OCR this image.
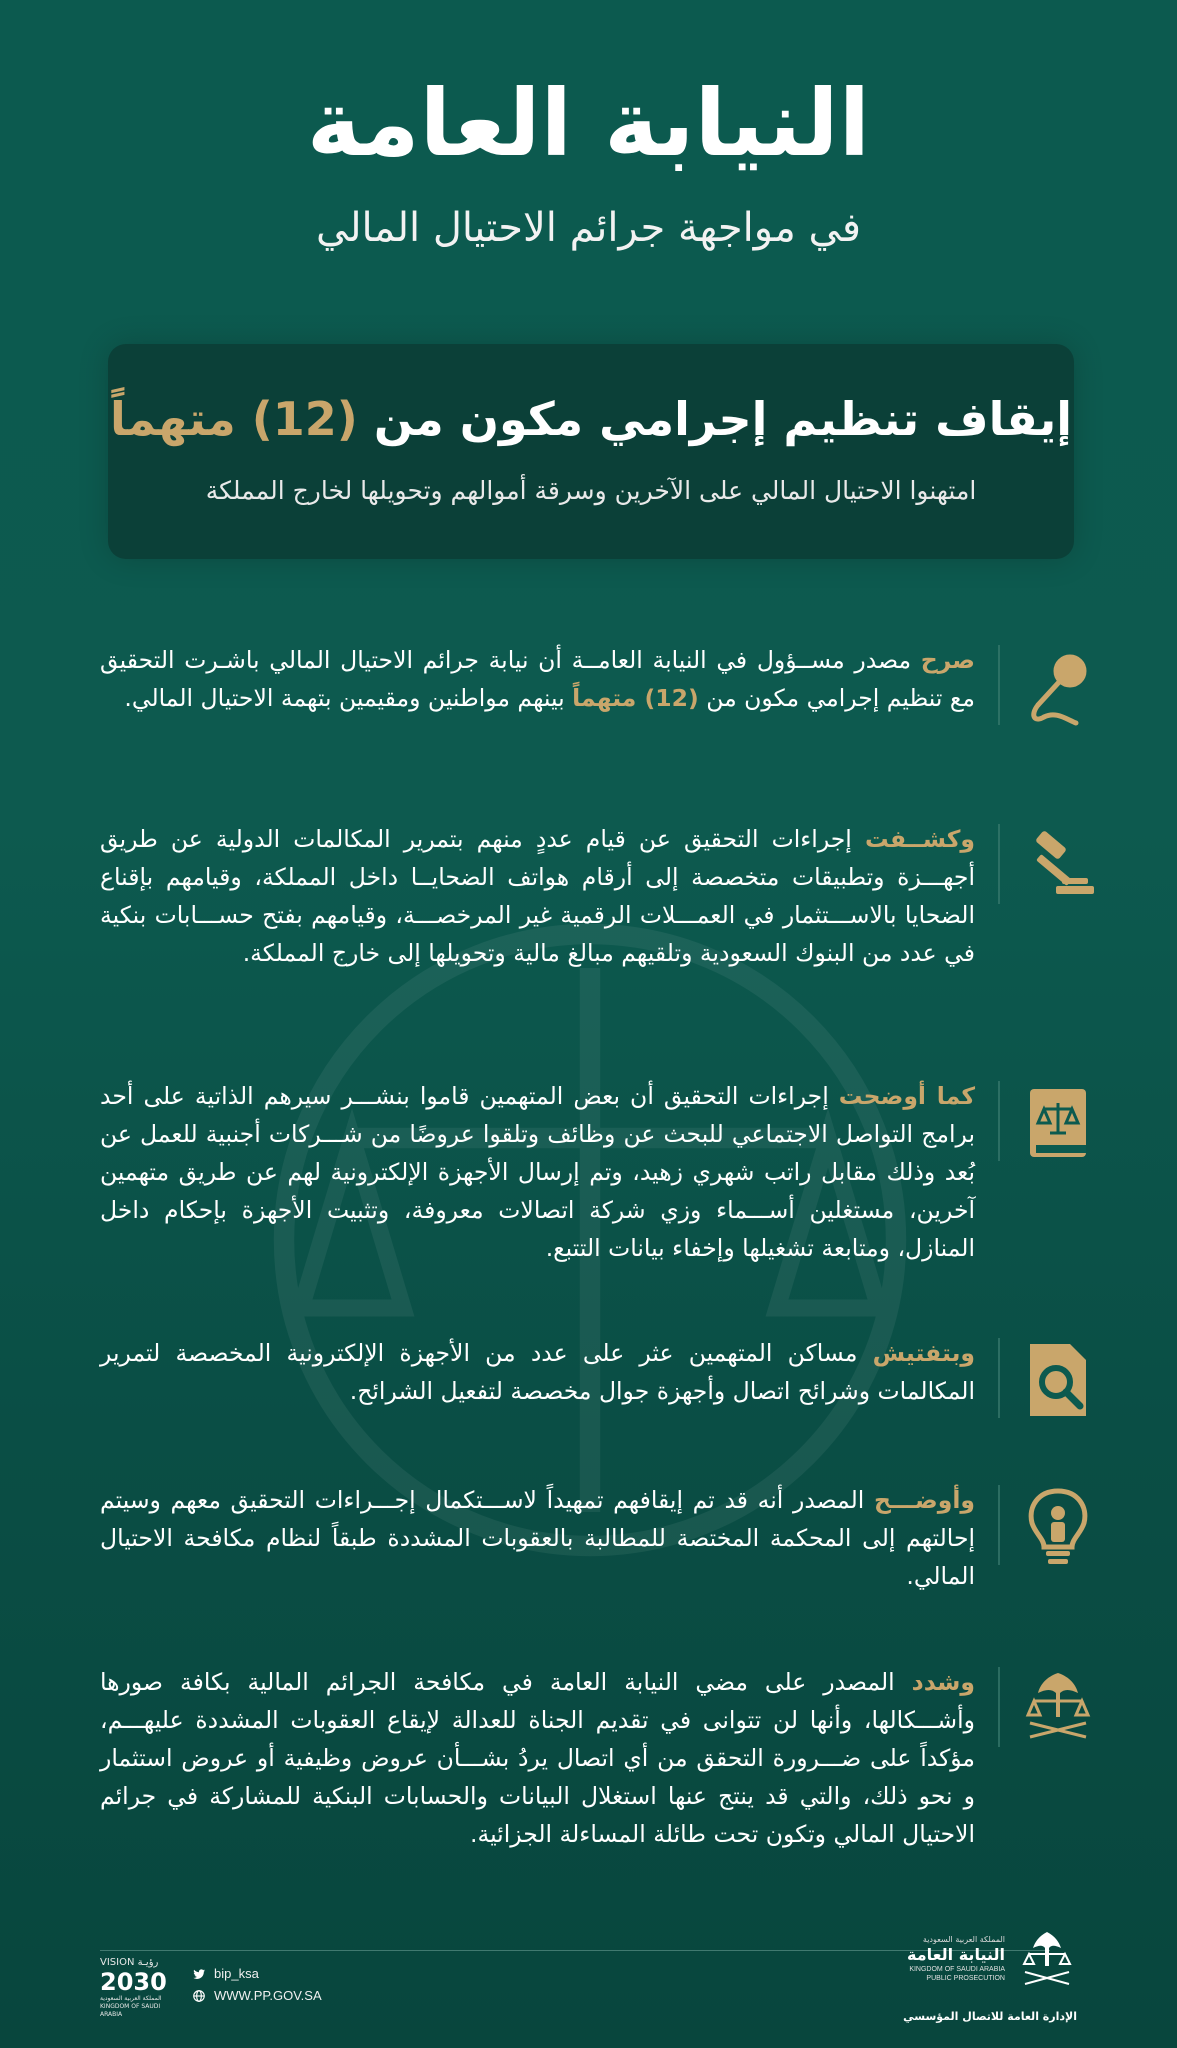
النيابة العامة
في مواجهة جرائم الاحتيال المالي
إيقاف تنظيم إجرامي مكون من (12) متهماً
امتهنوا الاحتيال المالي على الآخرين وسرقة أموالهم وتحويلها لخارج المملكة
صرح مصدر مســؤول في النيابة العامــة أن نيابة جرائم الاحتيال المالي باشـرت التحقيق مع تنظيم إجرامي مكون من (12) متهماً بينهم مواطنين ومقيمين بتهمة الاحتيال المالي.
وكشــفت إجراءات التحقيق عن قيام عددٍ منهم بتمرير المكالمات الدولية عن طريق أجهـــزة وتطبيقات متخصصة إلى أرقام هواتف الضحايــا داخل المملكة، وقيامهم بإقناع الضحايا بالاســـتثمار في العمـــلات الرقمية غير المرخصـــة، وقيامهم بفتح حســـابات بنكية في عدد من البنوك السعودية وتلقيهم مبالغ مالية وتحويلها إلى خارج المملكة.
كما أوضحت إجراءات التحقيق أن بعض المتهمين قاموا بنشـــر سيرهم الذاتية على أحد برامج التواصل الاجتماعي للبحث عن وظائف وتلقوا عروضًا من شـــركات أجنبية للعمل عن بُعد وذلك مقابل راتب شهري زهيد، وتم إرسال الأجهزة الإلكترونية لهم عن طريق متهمين آخرين، مستغلين أســـماء وزي شركة اتصالات معروفة، وتثبيت الأجهزة بإحكام داخل المنازل، ومتابعة تشغيلها وإخفاء بيانات التتبع.
وبتفتيش مساكن المتهمين عثر على عدد من الأجهزة الإلكترونية المخصصة لتمرير المكالمات وشرائح اتصال وأجهزة جوال مخصصة لتفعيل الشرائح.
وأوضـــح المصدر أنه قد تم إيقافهم تمهيداً لاســـتكمال إجـــراءات التحقيق معهم وسيتم إحالتهم إلى المحكمة المختصة للمطالبة بالعقوبات المشددة طبقاً لنظام مكافحة الاحتيال المالي.
وشدد المصدر على مضي النيابة العامة في مكافحة الجرائم المالية بكافة صورها وأشـــكالها، وأنها لن تتوانى في تقديم الجناة للعدالة لإيقاع العقوبات المشددة عليهـــم، مؤكداً على ضـــرورة التحقق من أي اتصال يردُ بشـــأن عروض وظيفية أو عروض استثمار و نحو ذلك، والتي قد ينتج عنها استغلال البيانات والحسابات البنكية للمشاركة في جرائم الاحتيال المالي وتكون تحت طائلة المساءلة الجزائية.
VISION رؤيـة
2030
المملكة العربية السعودية KINGDOM OF SAUDI ARABIA
bip_ksa
WWW.PP.GOV.SA
المملكة العربية السعودية
النيابة العامة
KINGDOM OF SAUDI ARABIA
PUBLIC PROSECUTION
الإدارة العامة للاتصال المؤسسي
